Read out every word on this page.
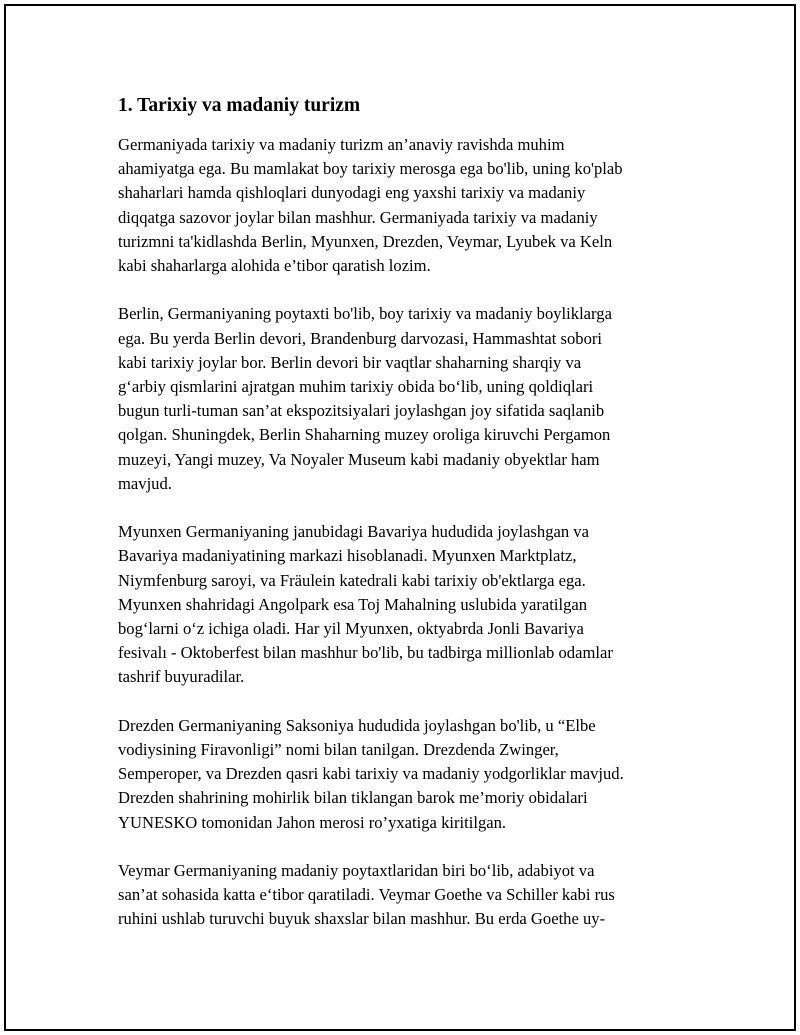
1. Tarixiy va madaniy turizm

Germaniyada tarixiy va madaniy turizm an’anaviy ravishda muhim
ahamiyatga ega. Bu mamlakat boy tarixiy merosga ega bo'lib, uning ko'plab
shaharlari hamda qishloqlari dunyodagi eng yaxshi tarixiy va madaniy
diqqatga sazovor joylar bilan mashhur. Germaniyada tarixiy va madaniy
turizmni ta'kidlashda Berlin, Myunxen, Drezden, Veymar, Lyubek va Keln
kabi shaharlarga alohida e’tibor qaratish lozim.

Berlin, Germaniyaning poytaxti bo'lib, boy tarixiy va madaniy boyliklarga
ega. Bu yerda Berlin devori, Brandenburg darvozasi, Hammashtat sobori
kabi tarixiy joylar bor. Berlin devori bir vaqtlar shaharning sharqiy va
g‘arbiy qismlarini ajratgan muhim tarixiy obida bo‘lib, uning qoldiqlari
bugun turli-tuman san’at ekspozitsiyalari joylashgan joy sifatida saqlanib
qolgan. Shuningdek, Berlin Shaharning muzey oroliga kiruvchi Pergamon
muzeyi, Yangi muzey, Va Noyaler Museum kabi madaniy obyektlar ham
mavjud.

Myunxen Germaniyaning janubidagi Bavariya hududida joylashgan va
Bavariya madaniyatining markazi hisoblanadi. Myunxen Marktplatz,
Niymfenburg saroyi, va Fräulein katedrali kabi tarixiy ob'ektlarga ega.
Myunxen shahridagi Angolpark esa Toj Mahalning uslubida yaratilgan
bog‘larni o‘z ichiga oladi. Har yil Myunxen, oktyabrda Jonli Bavariya
fesivalı - Oktoberfest bilan mashhur bo'lib, bu tadbirga millionlab odamlar
tashrif buyuradilar.

Drezden Germaniyaning Saksoniya hududida joylashgan bo'lib, u “Elbe
vodiysining Firavonligi” nomi bilan tanilgan. Drezdenda Zwinger,
Semperoper, va Drezden qasri kabi tarixiy va madaniy yodgorliklar mavjud.
Drezden shahrining mohirlik bilan tiklangan barok me’moriy obidalari
YUNESKO tomonidan Jahon merosi ro’yxatiga kiritilgan.

Veymar Germaniyaning madaniy poytaxtlaridan biri bo‘lib, adabiyot va
san’at sohasida katta e‘tibor qaratiladi. Veymar Goethe va Schiller kabi rus
ruhini ushlab turuvchi buyuk shaxslar bilan mashhur. Bu erda Goethe uy-
